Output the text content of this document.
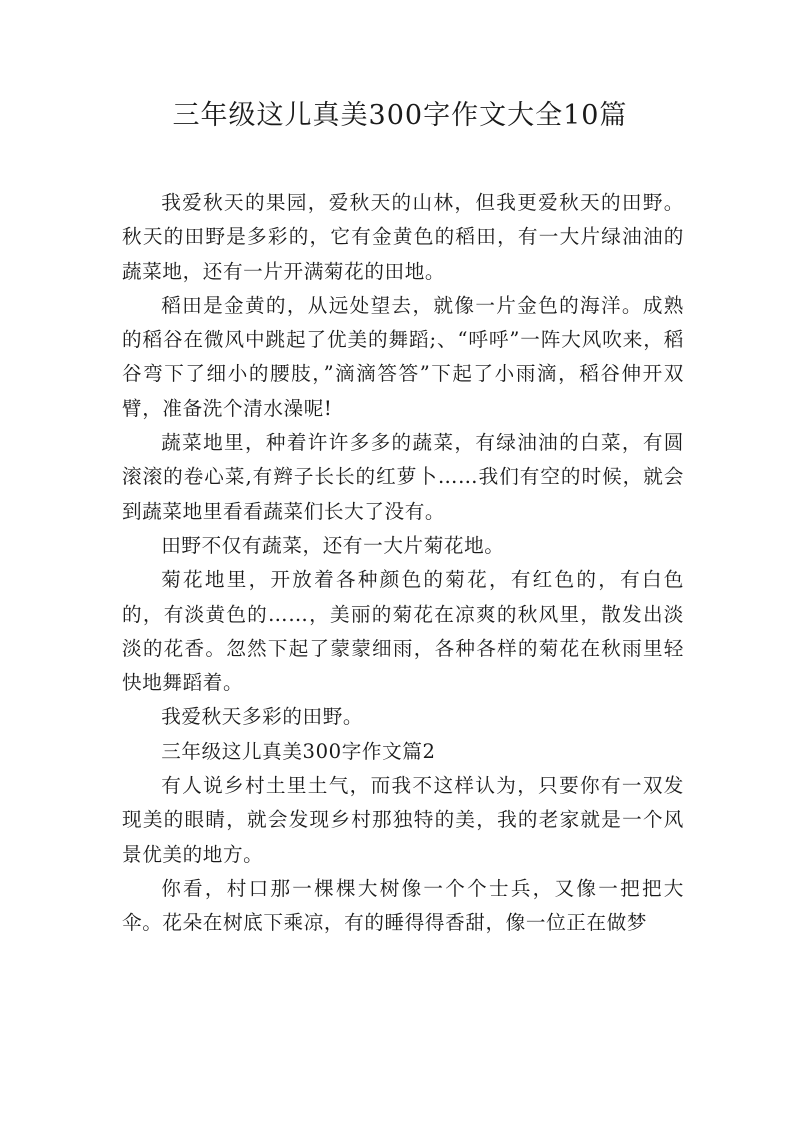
三年级这儿真美300字作文大全10篇

我爱秋天的果园，爱秋天的山林，但我更爱秋天的田野。秋天的田野是多彩的，它有金黄色的稻田，有一大片绿油油的蔬菜地，还有一片开满菊花的田地。

稻田是金黄的，从远处望去，就像一片金色的海洋。成熟的稻谷在微风中跳起了优美的舞蹈;、“呼呼”一阵大风吹来，稻谷弯下了细小的腰肢，”滴滴答答”下起了小雨滴，稻谷伸开双臂，准备洗个清水澡呢!

蔬菜地里，种着许许多多的蔬菜，有绿油油的白菜，有圆滚滚的卷心菜,有辫子长长的红萝卜……我们有空的时候，就会到蔬菜地里看看蔬菜们长大了没有。

田野不仅有蔬菜，还有一大片菊花地。

菊花地里，开放着各种颜色的菊花，有红色的，有白色的，有淡黄色的……，美丽的菊花在凉爽的秋风里，散发出淡淡的花香。忽然下起了蒙蒙细雨，各种各样的菊花在秋雨里轻快地舞蹈着。

我爱秋天多彩的田野。

三年级这儿真美300字作文篇2

有人说乡村土里土气，而我不这样认为，只要你有一双发现美的眼睛，就会发现乡村那独特的美，我的老家就是一个风景优美的地方。

你看，村口那一棵棵大树像一个个士兵，又像一把把大伞。花朵在树底下乘凉，有的睡得得香甜，像一位正在做梦
